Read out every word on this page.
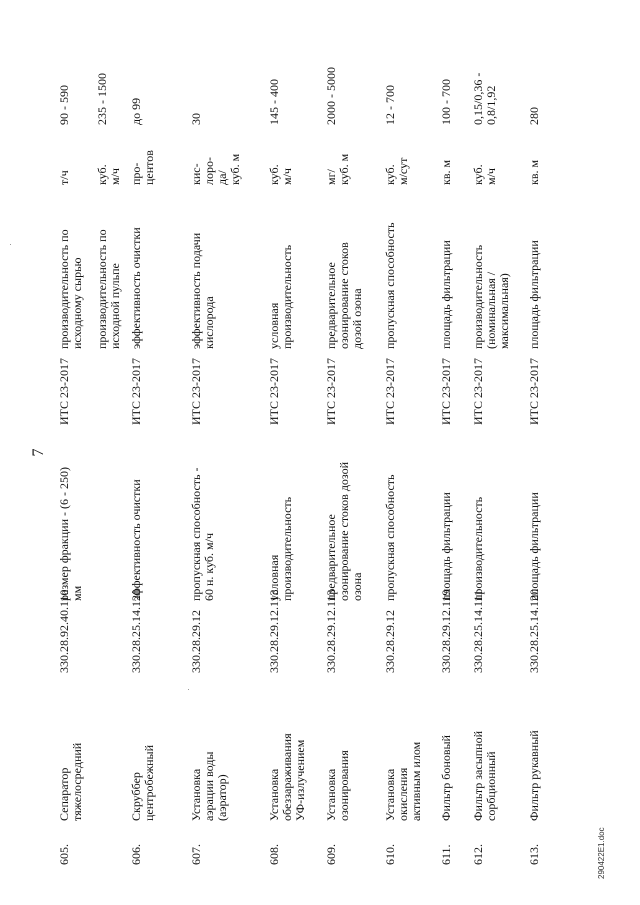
7
605.
Сепаратор
тяжелосредний
330.28.92.40.110
размер фракции - (6 - 250) мм
ИТС 23-2017
производительность по
исходному сырью
т/ч
90 - 590
производительность по
исходной пульпе
куб.
м/ч
235 - 1500
606.
Скруббер
центробежный
330.28.25.14.120
эффективность очистки
ИТС 23-2017
эффективность очистки
про-
центов
до 99
607.
Установка
аэрации воды
(аэратор)
330.28.29.12
пропускная способность -
60 н. куб. м/ч
ИТС 23-2017
эффективность подачи
кислорода
кис-
лоро-
да/
куб. м
30
608.
Установка
обеззараживания
УФ-излучением
330.28.29.12.113
условная производительность
ИТС 23-2017
условная
производительность
куб.
м/ч
145 - 400
609.
Установка
озонирования
330.28.29.12.113
предварительное
озонирование стоков дозой
озона
ИТС 23-2017
предварительное
озонирование стоков
дозой озона
мг/
куб. м
2000 - 5000
610.
Установка
окисления
активным илом
330.28.29.12
пропускная способность
ИТС 23-2017
пропускная способность
куб.
м/сут
12 - 700
611.
Фильтр боновый
330.28.29.12.119
площадь фильтрации
ИТС 23-2017
площадь фильтрации
кв. м
100 - 700
612.
Фильтр засыпной
сорбционный
330.28.25.14.111
производительность
ИТС 23-2017
производительность
(номинальная /
максимальная)
куб.
м/ч
0,15/0,36 -
0,8/1,92
613.
Фильтр рукавный
330.28.25.14.120
площадь фильтрации
ИТС 23-2017
площадь фильтрации
кв. м
280
290422E1.doc
